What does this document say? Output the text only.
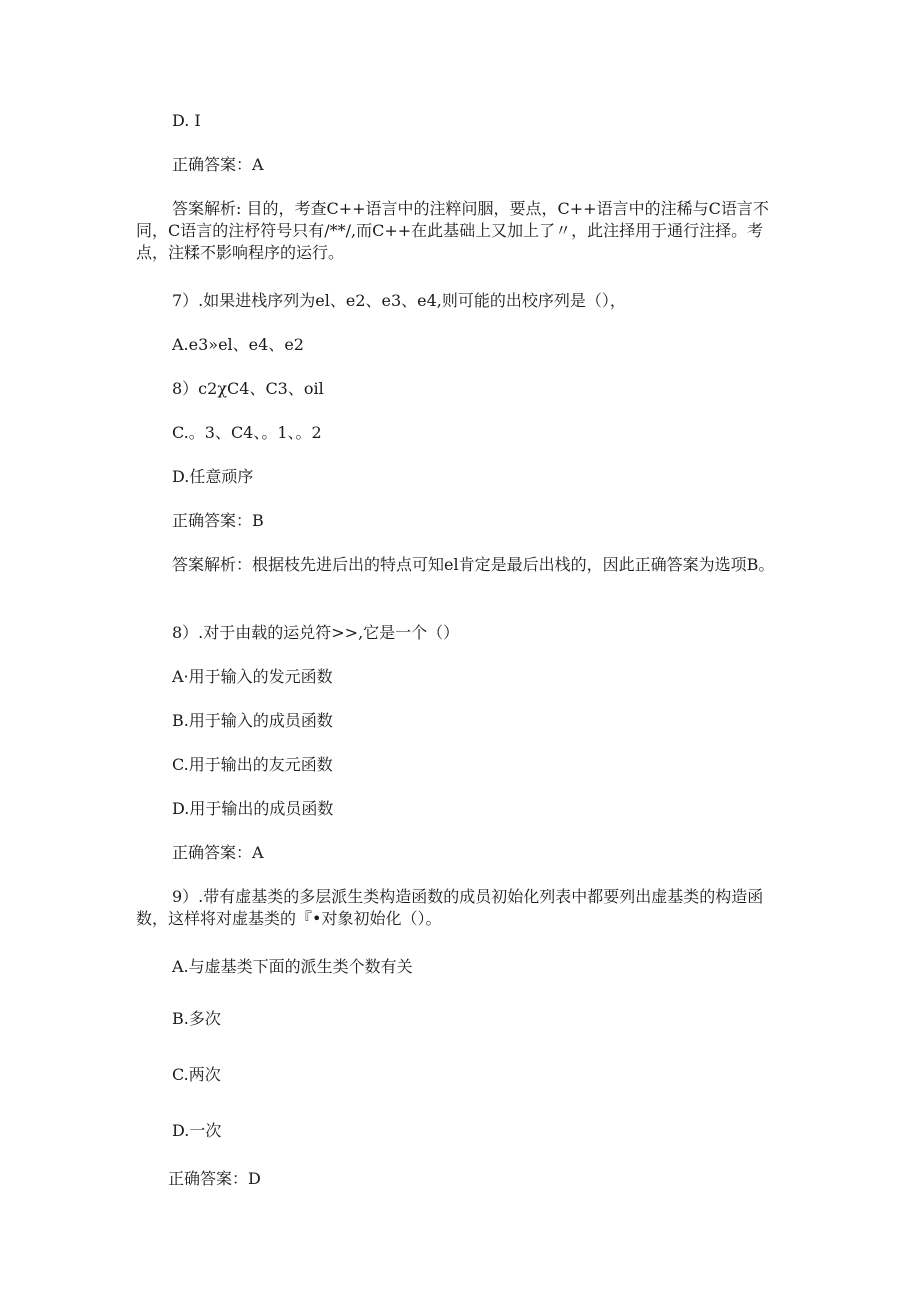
D. I
正确答案：A
答案解析: 目的，考查C++语言中的注粹问胭，要点，C++语言中的注稀与C语言不同，C语言的注杼符号只有/**/,而C++在此基础上又加上了〃，此注择用于通行注择。考点，注糅不影响程序的运行。
7）.如果进栈序列为el、e2、e3、e4,则可能的出校序列是（），
A.e3»el、e4、e2
8）c2χC4、C3、oil
C.。3、C4、。1、。2
D.任意顽序
正确答案：B
答案解析：根据枝先进后出的特点可知el肯定是最后出栈的，因此正确答案为选项B。
8）.对于由载的运兑符>>,它是一个（）
A·用于输入的发元函数
B.用于输入的成员函数
C.用于输出的友元函数
D.用于输出的成员函数
正确答案：A
9）.带有虚基类的多层派生类构造函数的成员初始化列表中都要列出虚基类的构造函数，这样将对虚基类的『•对象初始化（）。
A.与虚基类下面的派生类个数有关
B.多次
C.两次
D.一次
正确答案：D
